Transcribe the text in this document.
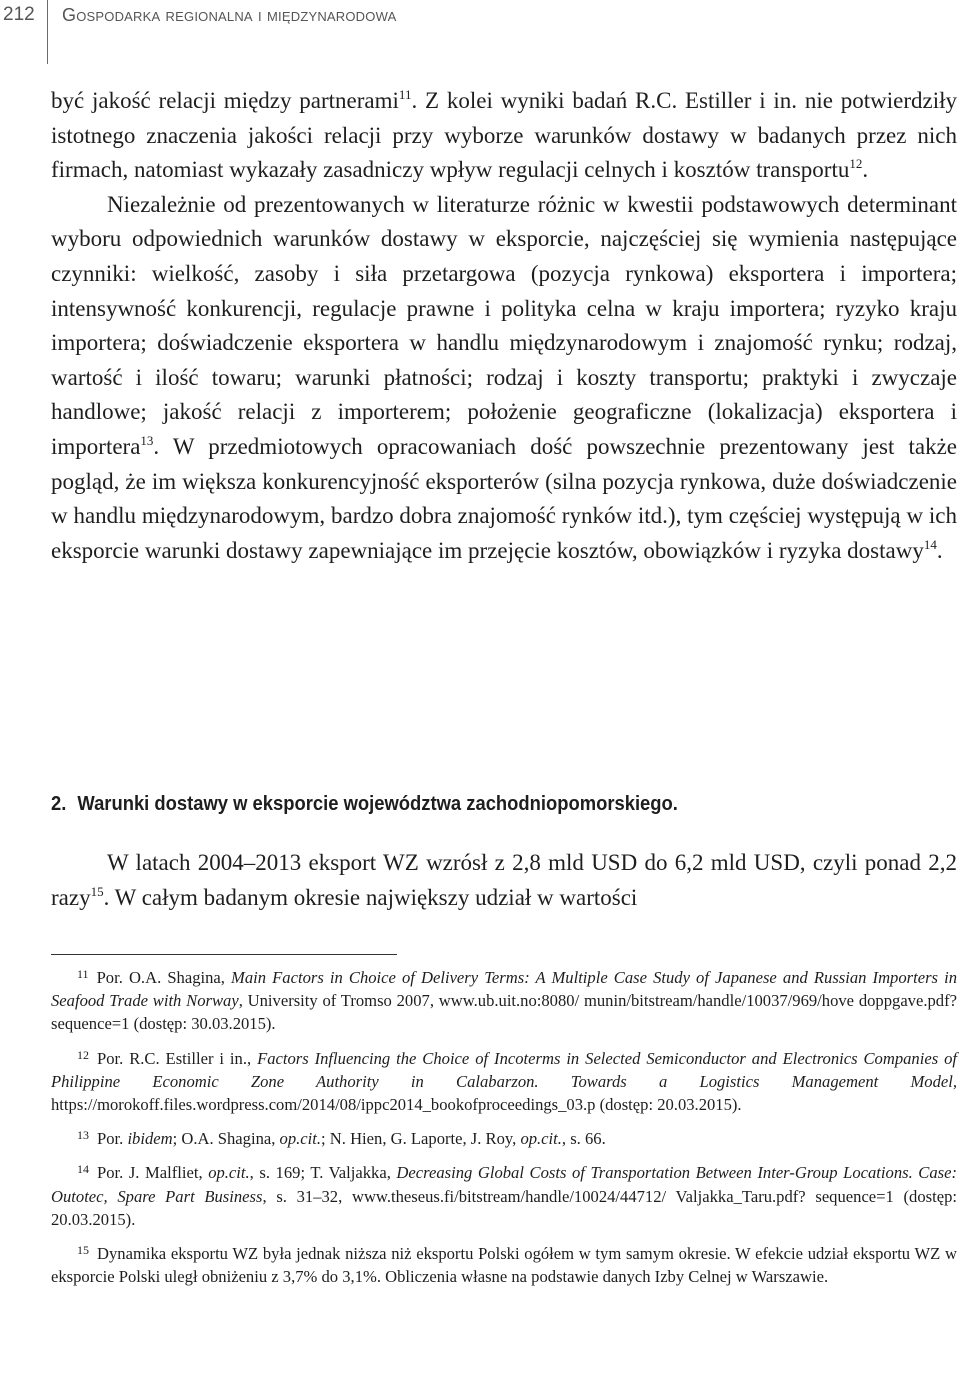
212 Gospodarka regionalna i międzynarodowa

być jakość relacji między partnerami$^{11}$. Z kolei wyniki badań R.C. Estiller i in. nie potwierdziły istotnego znaczenia jakości relacji przy wyborze warunków dostawy w badanych przez nich firmach, natomiast wykazały zasadniczy wpływ regulacji celnych i kosztów transportu$^{12}$.

Niezależnie od prezentowanych w literaturze różnic w kwestii podstawowych determinant wyboru odpowiednich warunków dostawy w eksporcie, najczęściej się wymienia następujące czynniki: wielkość, zasoby i siła przetargowa (pozycja rynkowa) eksportera i importera; intensywność konkurencji, regulacje prawne i polityka celna w kraju importera; ryzyko kraju importera; doświadczenie eksportera w handlu międzynarodowym i znajomość rynku; rodzaj, wartość i ilość towaru; warunki płatności; rodzaj i koszty transportu; praktyki i zwyczaje handlowe; jakość relacji z importerem; położenie geograficzne (lokalizacja) eksportera i importera$^{13}$. W przedmiotowych opracowaniach dość powszechnie prezentowany jest także pogląd, że im większa konkurencyjność eksporterów (silna pozycja rynkowa, duże doświadczenie w handlu międzynarodowym, bardzo dobra znajomość rynków itd.), tym częściej występują w ich eksporcie warunki dostawy zapewniające im przejęcie kosztów, obowiązków i ryzyka dostawy$^{14}$.

2. Warunki dostawy w eksporcie województwa zachodniopomorskiego.

W latach 2004–2013 eksport WZ wzrósł z 2,8 mld USD do 6,2 mld USD, czyli ponad 2,2 razy$^{15}$. W całym badanym okresie największy udział w wartości

$^{11}$ Por. O.A. Shagina, Main Factors in Choice of Delivery Terms: A Multiple Case Study of Japanese and Russian Importers in Seafood Trade with Norway, University of Tromso 2007, www.ub.uit.no:8080/ munin/bitstream/handle/10037/969/hove doppgave.pdf?sequence=1 (dostęp: 30.03.2015).

$^{12}$ Por. R.C. Estiller i in., Factors Influencing the Choice of Incoterms in Selected Semiconductor and Electronics Companies of Philippine Economic Zone Authority in Calabarzon. Towards a Logistics Management Model, https://morokoff.files.wordpress.com/2014/08/ippc2014_bookofproceedings_03.p (dostęp: 20.03.2015).

$^{13}$ Por. ibidem; O.A. Shagina, op.cit.; N. Hien, G. Laporte, J. Roy, op.cit., s. 66.

$^{14}$ Por. J. Malfliet, op.cit., s. 169; T. Valjakka, Decreasing Global Costs of Transportation Between Inter-Group Locations. Case: Outotec, Spare Part Business, s. 31–32, www.theseus.fi/bitstream/handle/10024/44712/ Valjakka_Taru.pdf? sequence=1 (dostęp: 20.03.2015).

$^{15}$ Dynamika eksportu WZ była jednak niższa niż eksportu Polski ogółem w tym samym okresie. W efekcie udział eksportu WZ w eksporcie Polski uległ obniżeniu z 3,7% do 3,1%. Obliczenia własne na podstawie danych Izby Celnej w Warszawie.
